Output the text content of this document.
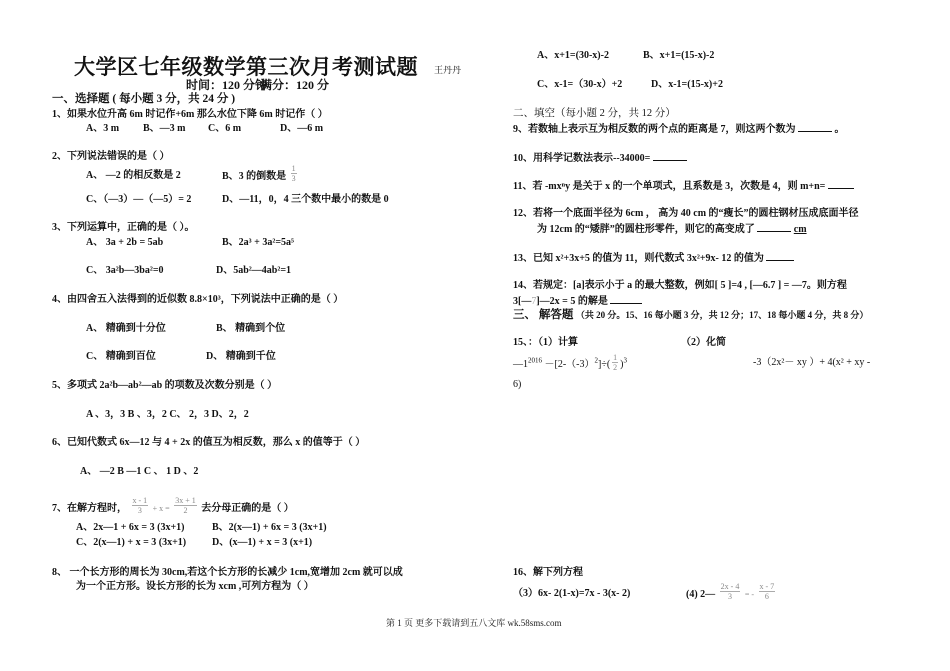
大学区七年级数学第三次月考测试题 王丹丹
时间：120 分钟
满分：120 分
一、选择题 ( 每小题 3 分，共 24 分 )
1、如果水位升高 6m 时记作+6m 那么水位下降 6m 时记作（ ）
A、3 m B、—3 m C、6 m	D、—6 m
2、下列说法错误的是（ ）
A、 —2 的相反数是 2	B、3 的倒数是 $\frac{1}{3}$
C、（—3）—（—5）= 2	D、—11，0，4 三个数中最小的数是 0
3、下列运算中，正确的是（ ）。
A、 3a + 2b = 5ab	B、2a³ + 3a²=5a⁵
C、 3a²b—3ba²=0	D、5ab²—4ab²=1
4、由四舍五入法得到的近似数 8.8×10³，下列说法中正确的是（ ）
A、 精确到十分位	B、 精确到个位
C、 精确到百位	D、 精确到千位
5、多项式 2a²b—ab²—ab 的项数及次数分别是（ ）
A 、3，3 B 、3，2 C、 2，3 D、2，2
6、已知代数式 6x—12 与 4 + 2x 的值互为相反数，那么 x 的值等于（ ）
A、 —2 B —1 C 、 1 D 、2
7、在解方程时， $\frac{x - 1}{3} + x = \frac{3x + 1}{2}$ 去分母正确的是（ ）
A、2x—1 + 6x = 3 (3x+1)	B、2(x—1) + 6x = 3 (3x+1)
C、2(x—1) + x = 3 (3x+1)	D、(x—1) + x = 3 (x+1)
8、 一个长方形的周长为 30cm,若这个长方形的长减少 1cm,宽增加 2cm 就可以成
为一个正方形。设长方形的长为 xcm ,可列方程为（ ）
A、x+1=(30-x)-2	B、x+1=(15-x)-2
C、x-1=（30-x）+2	D、x-1=(15-x)+2
二、填空（每小题 2 分，共 12 分）
9、若数轴上表示互为相反数的两个点的距离是 7，则这两个数为	。
10、用科学记数法表示--34000=
11、若 -mxⁿy 是关于 x 的一个单项式，且系数是 3，次数是 4，则 m+n=
12、若将一个底面半径为 6cm ， 高为 40 cm 的“瘦长”的圆柱钢材压成底面半径
为 12cm 的“矮胖”的圆柱形零件，则它的高变成了	cm
13、已知 x²+3x+5 的值为 11，则代数式 3x²+9x- 12 的值为
14、若规定：[a]表示小于 a 的最大整数，例如[ 5 ]=4 , [—6.7 ] = —7。则方程
3[—7]—2x = 5 的解是
三、 解答题 （共 20 分。15、16 每小题 3 分，共 12 分；17、18 每小题 4 分，共 8 分）
15、：（1）计算	（2）化简
$—1^{2016} -[2-(-3)^2]\div( \frac{1}{2} )^3$	-3（2x²－ xy ）+ 4(x² + xy -
6)
16、解下列方程
（3）6x- 2(1-x)=7x - 3(x- 2)	(4) 2— $\frac{2x - 4}{3}$ = - $\frac{x - 7}{6}$
第 1 页 更多下载请到五八文库 wk.58sms.com
